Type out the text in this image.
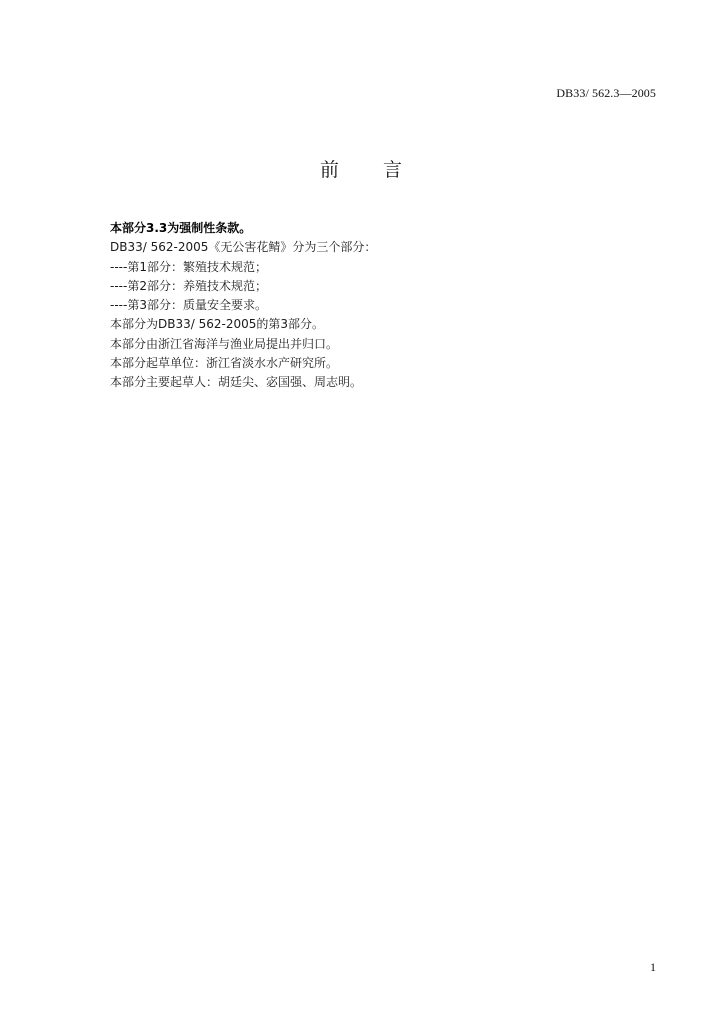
DB33/ 562.3—2005
前　　言
本部分3.3为强制性条款。
DB33/ 562-2005《无公害花鲭》分为三个部分：
----第1部分：繁殖技术规范；
----第2部分：养殖技术规范；
----第3部分：质量安全要求。
本部分为DB33/ 562-2005的第3部分。
本部分由浙江省海洋与渔业局提出并归口。
本部分起草单位：浙江省淡水水产研究所。
本部分主要起草人：胡廷尖、宓国强、周志明。
1
